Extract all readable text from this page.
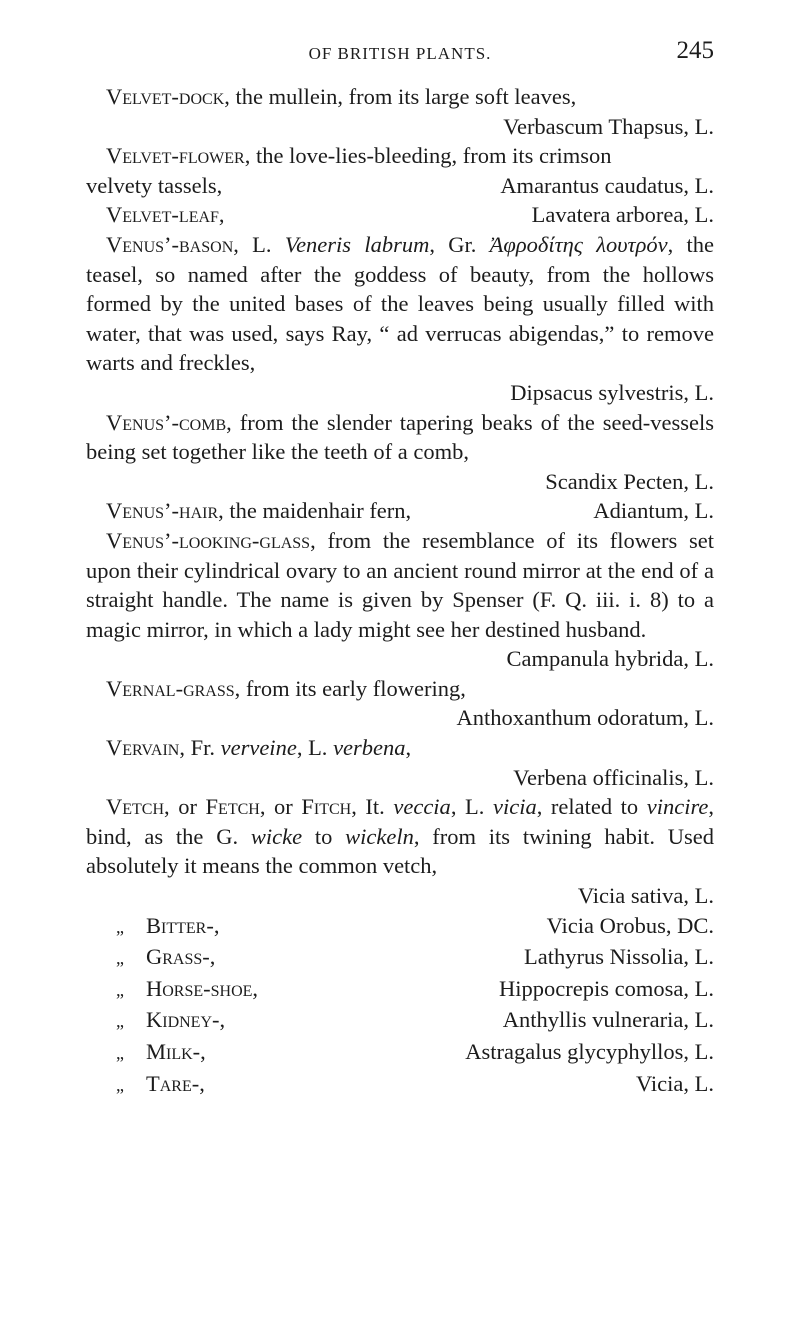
OF BRITISH PLANTS.	245
Velvet-dock, the mullein, from its large soft leaves,
Verbascum Thapsus, L.
Velvet-flower, the love-lies-bleeding, from its crimson
velvety tassels,	Amarantus caudatus, L.
Velvet-leaf,	Lavatera arborea, L.
Venus’-bason, L. Veneris labrum, Gr. Ἀφροδίτης λουτρόν, the teasel, so named after the goddess of beauty, from the hollows formed by the united bases of the leaves being usually filled with water, that was used, says Ray, “ ad verrucas abigendas,” to remove warts and freckles,
Dipsacus sylvestris, L.
Venus’-comb, from the slender tapering beaks of the seed-vessels being set together like the teeth of a comb,
Scandix Pecten, L.
Venus’-hair, the maidenhair fern,	Adiantum, L.
Venus’-looking-glass, from the resemblance of its flowers set upon their cylindrical ovary to an ancient round mirror at the end of a straight handle. The name is given by Spenser (F. Q. iii. i. 8) to a magic mirror, in which a lady might see her destined husband.
Campanula hybrida, L.
Vernal-grass, from its early flowering,
Anthoxanthum odoratum, L.
Vervain, Fr. verveine, L. verbena,
Verbena officinalis, L.
Vetch, or Fetch, or Fitch, It. veccia, L. vicia, related to vincire, bind, as the G. wicke to wickeln, from its twining habit. Used absolutely it means the common vetch,
Vicia sativa, L.
„ Bitter-,	Vicia Orobus, DC.
„ Grass-,	Lathyrus Nissolia, L.
„ Horse-shoe,	Hippocrepis comosa, L.
„ Kidney-,	Anthyllis vulneraria, L.
„ Milk-,	Astragalus glycyphyllos, L.
„ Tare-,	Vicia, L.
